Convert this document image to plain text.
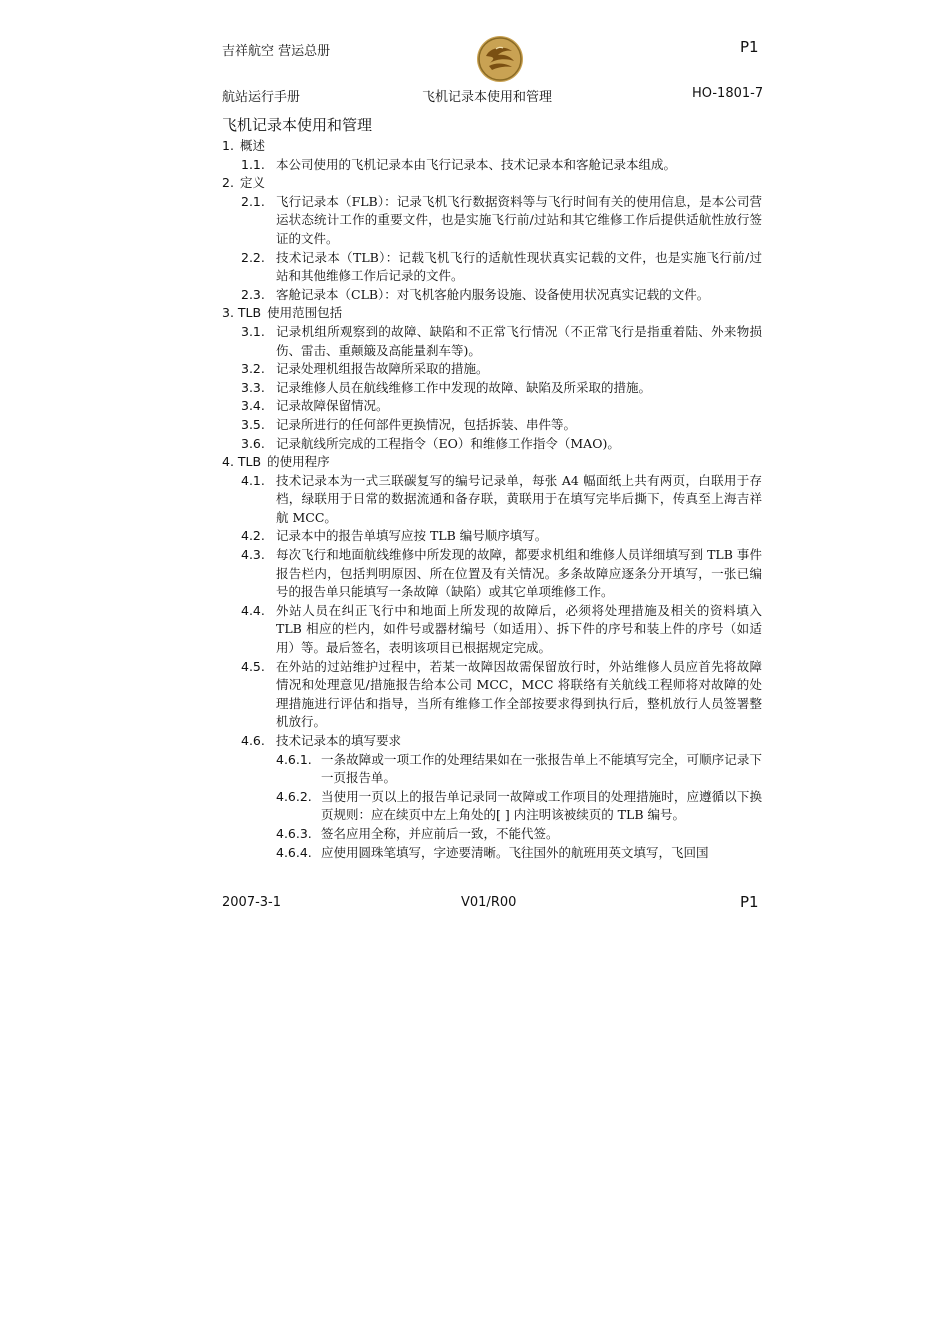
吉祥航空 营运总册	P1
航站运行手册	飞机记录本使用和管理	HO-1801-7
飞机记录本使用和管理
1. 概述
1.1. 本公司使用的飞机记录本由飞行记录本、技术记录本和客舱记录本组成。
2. 定义
2.1. 飞行记录本（FLB）：记录飞机飞行数据资料等与飞行时间有关的使用信息，是本公司营运状态统计工作的重要文件，也是实施飞行前/过站和其它维修工作后提供适航性放行签证的文件。
2.2. 技术记录本（TLB）：记载飞机飞行的适航性现状真实记载的文件，也是实施飞行前/过站和其他维修工作后记录的文件。
2.3. 客舱记录本（CLB）：对飞机客舱内服务设施、设备使用状况真实记载的文件。
3. TLB 使用范围包括
3.1. 记录机组所观察到的故障、缺陷和不正常飞行情况（不正常飞行是指重着陆、外来物损伤、雷击、重颠簸及高能量刹车等)。
3.2. 记录处理机组报告故障所采取的措施。
3.3. 记录维修人员在航线维修工作中发现的故障、缺陷及所采取的措施。
3.4. 记录故障保留情况。
3.5. 记录所进行的任何部件更换情况，包括拆装、串件等。
3.6. 记录航线所完成的工程指令（EO）和维修工作指令（MAO)。
4. TLB 的使用程序
4.1. 技术记录本为一式三联碳复写的编号记录单，每张 A4 幅面纸上共有两页，白联用于存档，绿联用于日常的数据流通和备存联，黄联用于在填写完毕后撕下，传真至上海吉祥航 MCC。
4.2. 记录本中的报告单填写应按 TLB 编号顺序填写。
4.3. 每次飞行和地面航线维修中所发现的故障，都要求机组和维修人员详细填写到 TLB 事件报告栏内，包括判明原因、所在位置及有关情况。多条故障应逐条分开填写，一张已编号的报告单只能填写一条故障（缺陷）或其它单项维修工作。
4.4. 外站人员在纠正飞行中和地面上所发现的故障后，必须将处理措施及相关的资料填入 TLB 相应的栏内，如件号或器材编号（如适用）、拆下件的序号和装上件的序号（如适用）等。最后签名，表明该项目已根据规定完成。
4.5. 在外站的过站维护过程中，若某一故障因故需保留放行时，外站维修人员应首先将故障情况和处理意见/措施报告给本公司 MCC，MCC 将联络有关航线工程师将对故障的处理措施进行评估和指导，当所有维修工作全部按要求得到执行后，整机放行人员签署整机放行。
4.6. 技术记录本的填写要求
4.6.1. 一条故障或一项工作的处理结果如在一张报告单上不能填写完全，可顺序记录下一页报告单。
4.6.2. 当使用一页以上的报告单记录同一故障或工作项目的处理措施时，应遵循以下换页规则：应在续页中左上角处的[ ] 内注明该被续页的 TLB 编号。
4.6.3. 签名应用全称，并应前后一致，不能代签。
4.6.4. 应使用圆珠笔填写，字迹要清晰。飞往国外的航班用英文填写，飞回国
2007-3-1	V01/R00	P1
